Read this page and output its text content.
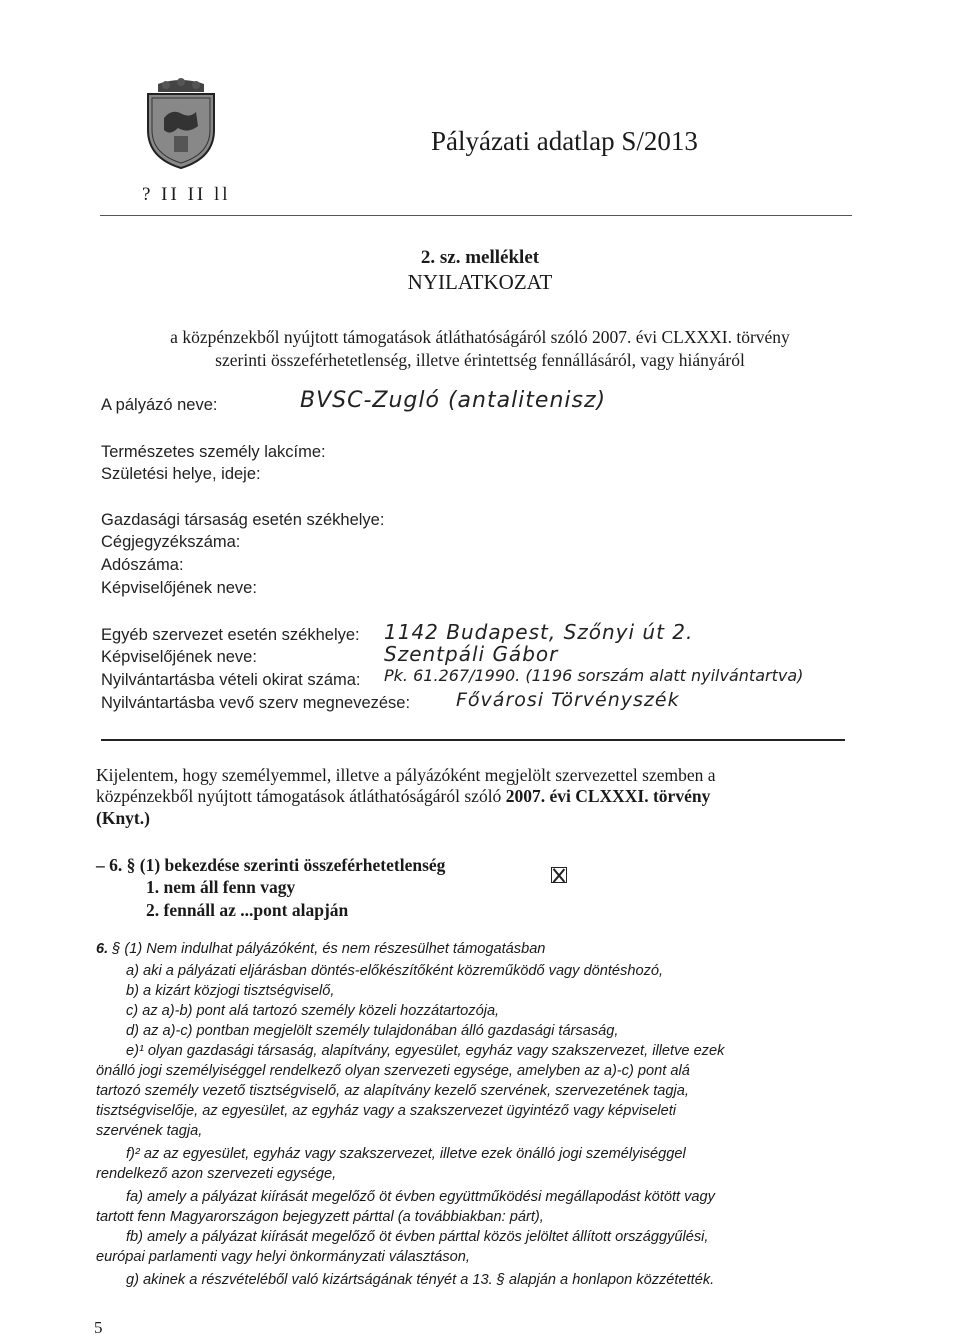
? II II ll
Pályázati adatlap S/2013
2. sz. melléklet
NYILATKOZAT
a közpénzekből nyújtott támogatások átláthatóságáról szóló 2007. évi CLXXXI. törvény
szerinti összeférhetetlenség, illetve érintettség fennállásáról, vagy hiányáról
A pályázó neve:	BVSC-Zugló (antalitenisz)
Természetes személy lakcíme:
Születési helye, ideje:
Gazdasági társaság esetén székhelye:
Cégjegyzékszáma:
Adószáma:
Képviselőjének neve:
Egyéb szervezet esetén székhelye: 1142 Budapest, Szőnyi út 2.
Képviselőjének neve:	Szentpáli Gábor
Nyilvántartásba vételi okirat száma: Pk. 61.267/1990. (1196 sorszám alatt nyilvántartva)
Nyilvántartásba vevő szerv megnevezése: Fővárosi Törvényszék
Kijelentem, hogy személyemmel, illetve a pályázóként megjelölt szervezettel szemben a
közpénzekből nyújtott támogatások átláthatóságáról szóló 2007. évi CLXXXI. törvény
(Knyt.)
– 6. § (1) bekezdése szerinti összeférhetetlenség
1. nem áll fenn vagy
2. fennáll az ...pont alapján
6. § (1) Nem indulhat pályázóként, és nem részesülhet támogatásban
a) aki a pályázati eljárásban döntés-előkészítőként közreműködő vagy döntéshozó,
b) a kizárt közjogi tisztségviselő,
c) az a)-b) pont alá tartozó személy közeli hozzátartozója,
d) az a)-c) pontban megjelölt személy tulajdonában álló gazdasági társaság,
e)¹ olyan gazdasági társaság, alapítvány, egyesület, egyház vagy szakszervezet, illetve ezek
önálló jogi személyiséggel rendelkező olyan szervezeti egysége, amelyben az a)-c) pont alá
tartozó személy vezető tisztségviselő, az alapítvány kezelő szervének, szervezetének tagja,
tisztségviselője, az egyesület, az egyház vagy a szakszervezet ügyintéző vagy képviseleti
szervének tagja,
f)² az az egyesület, egyház vagy szakszervezet, illetve ezek önálló jogi személyiséggel
rendelkező azon szervezeti egysége,
fa) amely a pályázat kiírását megelőző öt évben együttműködési megállapodást kötött vagy
tartott fenn Magyarországon bejegyzett párttal (a továbbiakban: párt),
fb) amely a pályázat kiírását megelőző öt évben párttal közös jelöltet állított országgyűlési,
európai parlamenti vagy helyi önkormányzati választáson,
g) akinek a részvételéből való kizártságának tényét a 13. § alapján a honlapon közzétették.
5
